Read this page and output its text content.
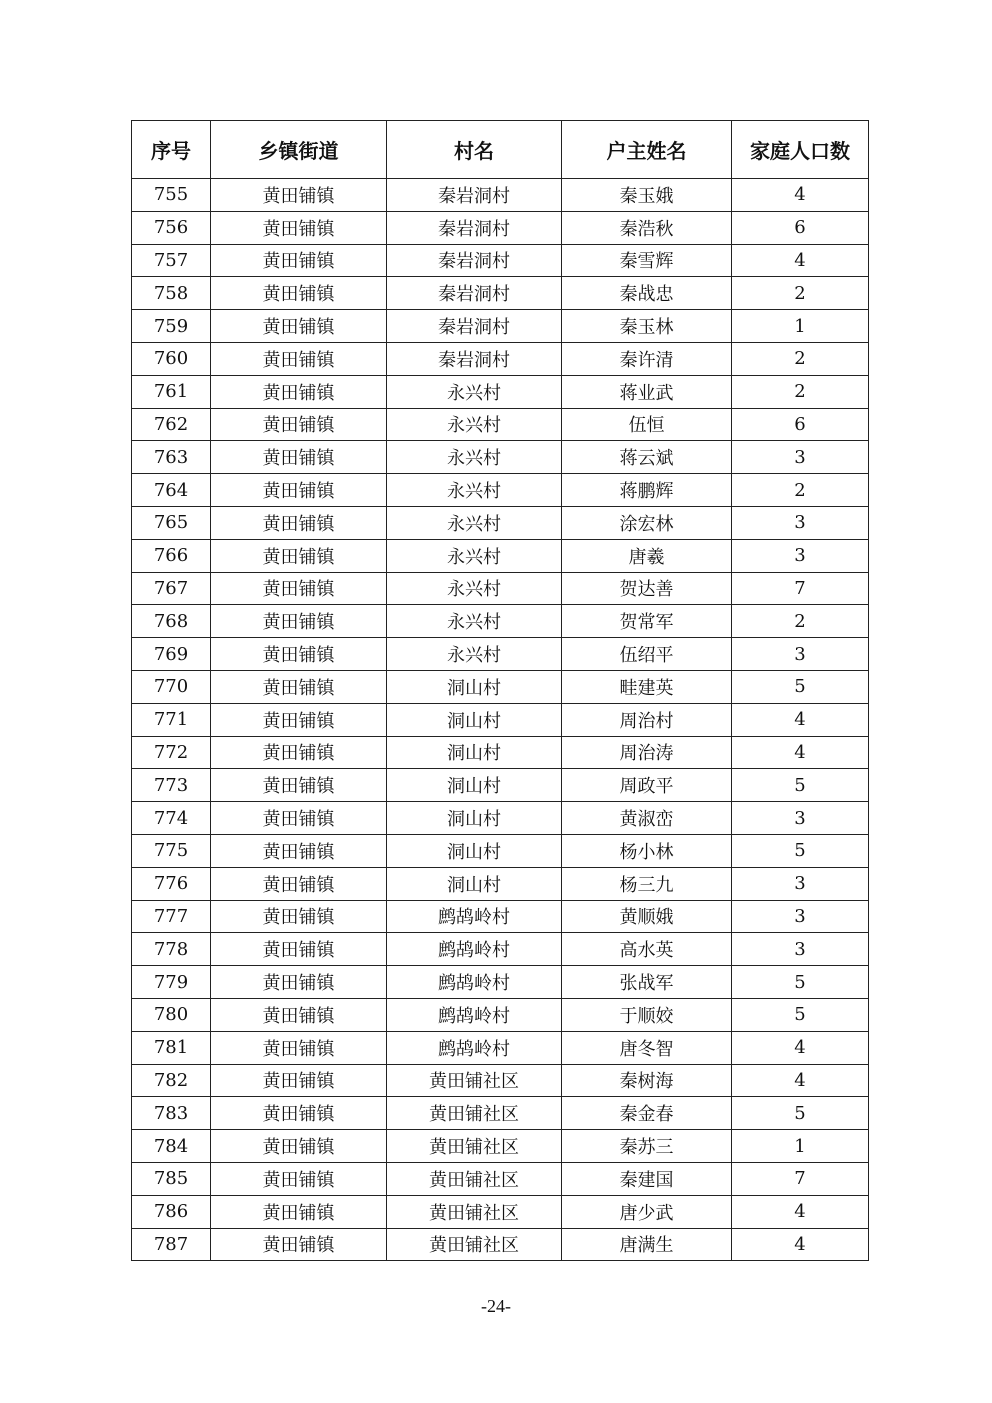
序号	乡镇街道	村名	户主姓名	家庭人口数
755	黄田铺镇	秦岩洞村	秦玉娥	4
756	黄田铺镇	秦岩洞村	秦浩秋	6
757	黄田铺镇	秦岩洞村	秦雪辉	4
758	黄田铺镇	秦岩洞村	秦战忠	2
759	黄田铺镇	秦岩洞村	秦玉林	1
760	黄田铺镇	秦岩洞村	秦许清	2
761	黄田铺镇	永兴村	蒋业武	2
762	黄田铺镇	永兴村	伍恒	6
763	黄田铺镇	永兴村	蒋云斌	3
764	黄田铺镇	永兴村	蒋鹏辉	2
765	黄田铺镇	永兴村	涂宏林	3
766	黄田铺镇	永兴村	唐羲	3
767	黄田铺镇	永兴村	贺达善	7
768	黄田铺镇	永兴村	贺常军	2
769	黄田铺镇	永兴村	伍绍平	3
770	黄田铺镇	洞山村	畦建英	5
771	黄田铺镇	洞山村	周治村	4
772	黄田铺镇	洞山村	周治涛	4
773	黄田铺镇	洞山村	周政平	5
774	黄田铺镇	洞山村	黄淑峦	3
775	黄田铺镇	洞山村	杨小林	5
776	黄田铺镇	洞山村	杨三九	3
777	黄田铺镇	鹧鸪岭村	黄顺娥	3
778	黄田铺镇	鹧鸪岭村	高水英	3
779	黄田铺镇	鹧鸪岭村	张战军	5
780	黄田铺镇	鹧鸪岭村	于顺姣	5
781	黄田铺镇	鹧鸪岭村	唐冬智	4
782	黄田铺镇	黄田铺社区	秦树海	4
783	黄田铺镇	黄田铺社区	秦金春	5
784	黄田铺镇	黄田铺社区	秦苏三	1
785	黄田铺镇	黄田铺社区	秦建国	7
786	黄田铺镇	黄田铺社区	唐少武	4
787	黄田铺镇	黄田铺社区	唐满生	4
-24-
